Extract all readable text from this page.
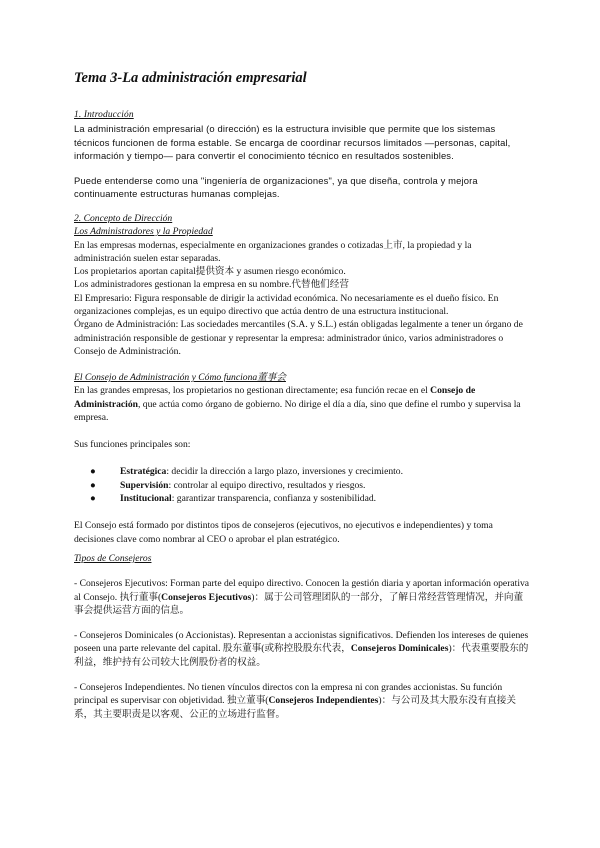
Tema 3-La administración empresarial
1. Introducción
La administración empresarial (o dirección) es la estructura invisible que permite que los sistemas técnicos funcionen de forma estable. Se encarga de coordinar recursos limitados —personas, capital, información y tiempo— para convertir el conocimiento técnico en resultados sostenibles.
Puede entenderse como una "ingeniería de organizaciones", ya que diseña, controla y mejora continuamente estructuras humanas complejas.
2. Concepto de Dirección
Los Administradores y la Propiedad
En las empresas modernas, especialmente en organizaciones grandes o cotizadas上市, la propiedad y la administración suelen estar separadas.
Los propietarios aportan capital提供资本 y asumen riesgo económico.
Los administradores gestionan la empresa en su nombre.代替他们经营
El Empresario: Figura responsable de dirigir la actividad económica. No necesariamente es el dueño físico. En organizaciones complejas, es un equipo directivo que actúa dentro de una estructura institucional.
Órgano de Administración: Las sociedades mercantiles (S.A. y S.L.) están obligadas legalmente a tener un órgano de administración responsible de gestionar y representar la empresa: administrador único, varios administradores o Consejo de Administración.
El Consejo de Administración y Cómo funciona董事会
En las grandes empresas, los propietarios no gestionan directamente; esa función recae en el Consejo de Administración, que actúa como órgano de gobierno. No dirige el día a día, sino que define el rumbo y supervisa la empresa.
Sus funciones principales son:
●	Estratégica: decidir la dirección a largo plazo, inversiones y crecimiento.
●	Supervisión: controlar al equipo directivo, resultados y riesgos.
●	Institucional: garantizar transparencia, confianza y sostenibilidad.
El Consejo está formado por distintos tipos de consejeros (ejecutivos, no ejecutivos e independientes) y toma decisiones clave como nombrar al CEO o aprobar el plan estratégico.
Tipos de Consejeros
- Consejeros Ejecutivos: Forman parte del equipo directivo. Conocen la gestión diaria y aportan información operativa al Consejo. 执行董事(Consejeros Ejecutivos)：属于公司管理团队的一部分，了解日常经营管理情况，并向董事会提供运营方面的信息。
- Consejeros Dominicales (o Accionistas). Representan a accionistas significativos. Defienden los intereses de quienes poseen una parte relevante del capital. 股东董事(或称控股股东代表，Consejeros Dominicales)：代表重要股东的利益，维护持有公司较大比例股份者的权益。
- Consejeros Independientes. No tienen vínculos directos con la empresa ni con grandes accionistas. Su función principal es supervisar con objetividad. 独立董事(Consejeros Independientes)：与公司及其大股东没有直接关系，其主要职责是以客观、公正的立场进行监督。
